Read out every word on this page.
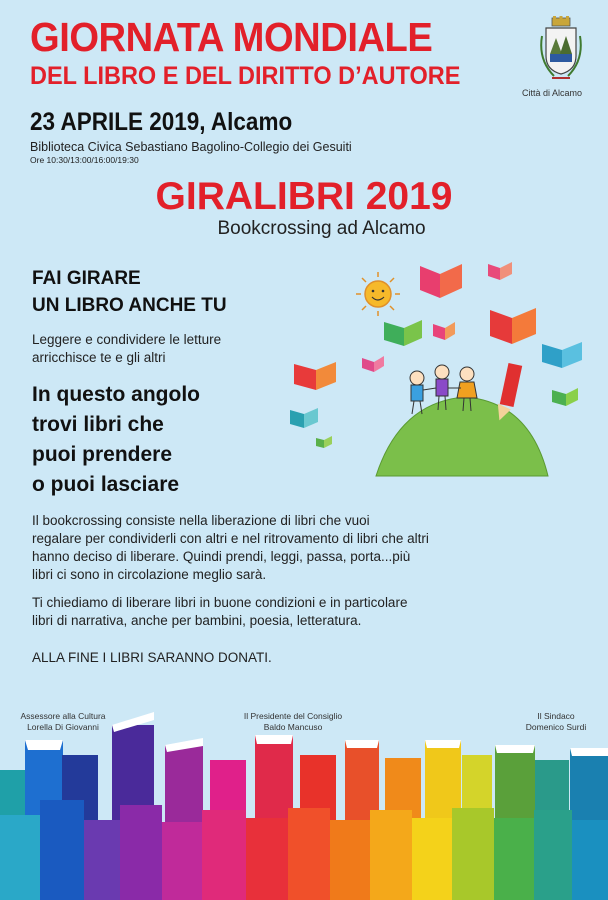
GIORNATA MONDIALE
DEL LIBRO E DEL DIRITTO D’AUTORE
Città di Alcamo
23 APRILE 2019, Alcamo
Biblioteca Civica Sebastiano Bagolino-Collegio dei Gesuiti
Ore 10:30/13:00/16:00/19:30
GIRALIBRI 2019
Bookcrossing ad Alcamo
FAI GIRARE
UN LIBRO ANCHE TU
Leggere e condividere le letture
arricchisce te e gli altri
In questo angolo
trovi libri che
puoi prendere
o puoi lasciare
Il bookcrossing consiste nella liberazione di libri che vuoi
regalare per condividerli con altri e nel ritrovamento di libri che altri
hanno deciso di liberare. Quindi prendi, leggi, passa, porta...più
libri ci sono in circolazione meglio sarà.
Ti chiediamo di liberare libri in buone condizioni e in particolare
libri di narrativa, anche per bambini, poesia, letteratura.
ALLA FINE I LIBRI SARANNO DONATI.
Assessore alla Cultura
Lorella Di Giovanni
Il Presidente del Consiglio
Baldo Mancuso
Il Sindaco
Domenico Surdi
